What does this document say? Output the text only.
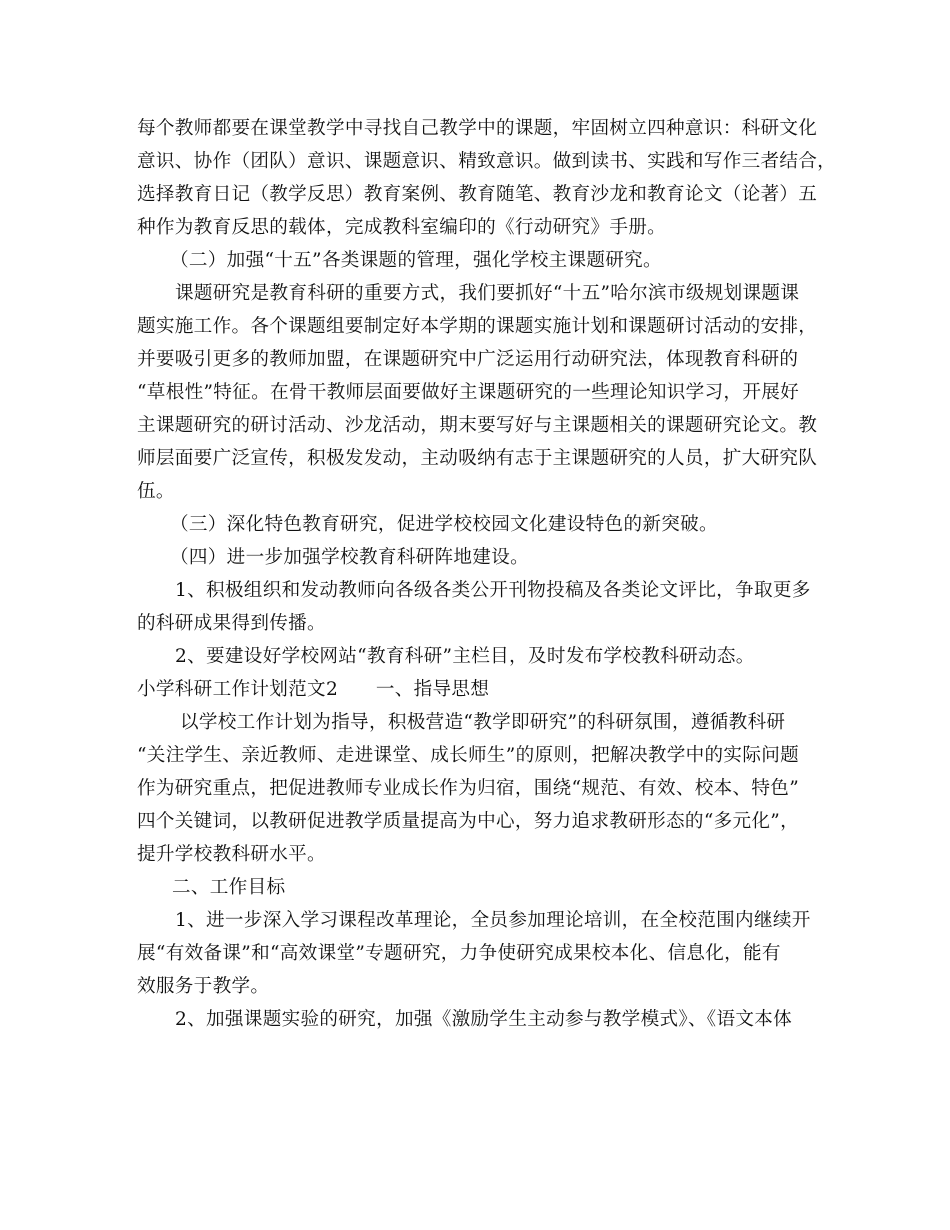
每个教师都要在课堂教学中寻找自己教学中的课题，牢固树立四种意识：科研文化
意识、协作（团队）意识、课题意识、精致意识。做到读书、实践和写作三者结合，
选择教育日记（教学反思）教育案例、教育随笔、教育沙龙和教育论文（论著）五
种作为教育反思的载体，完成教科室编印的《行动研究》手册。
（二）加强“十五”各类课题的管理，强化学校主课题研究。
课题研究是教育科研的重要方式，我们要抓好“十五”哈尔滨市级规划课题课
题实施工作。各个课题组要制定好本学期的课题实施计划和课题研讨活动的安排，
并要吸引更多的教师加盟，在课题研究中广泛运用行动研究法，体现教育科研的
“草根性”特征。在骨干教师层面要做好主课题研究的一些理论知识学习，开展好
主课题研究的研讨活动、沙龙活动，期末要写好与主课题相关的课题研究论文。教
师层面要广泛宣传，积极发发动，主动吸纳有志于主课题研究的人员，扩大研究队
伍。
（三）深化特色教育研究，促进学校校园文化建设特色的新突破。
（四）进一步加强学校教育科研阵地建设。
1、积极组织和发动教师向各级各类公开刊物投稿及各类论文评比，争取更多
的科研成果得到传播。
2、要建设好学校网站“教育科研”主栏目，及时发布学校教科研动态。
小学科研工作计划范文2　　一、指导思想
以学校工作计划为指导，积极营造“教学即研究”的科研氛围，遵循教科研
“关注学生、亲近教师、走进课堂、成长师生”的原则，把解决教学中的实际问题
作为研究重点，把促进教师专业成长作为归宿，围绕“规范、有效、校本、特色”
四个关键词，以教研促进教学质量提高为中心，努力追求教研形态的“多元化”，
提升学校教科研水平。
二、工作目标
1、进一步深入学习课程改革理论，全员参加理论培训，在全校范围内继续开
展“有效备课”和“高效课堂”专题研究，力争使研究成果校本化、信息化，能有
效服务于教学。
2、加强课题实验的研究，加强《激励学生主动参与教学模式》、《语文本体
